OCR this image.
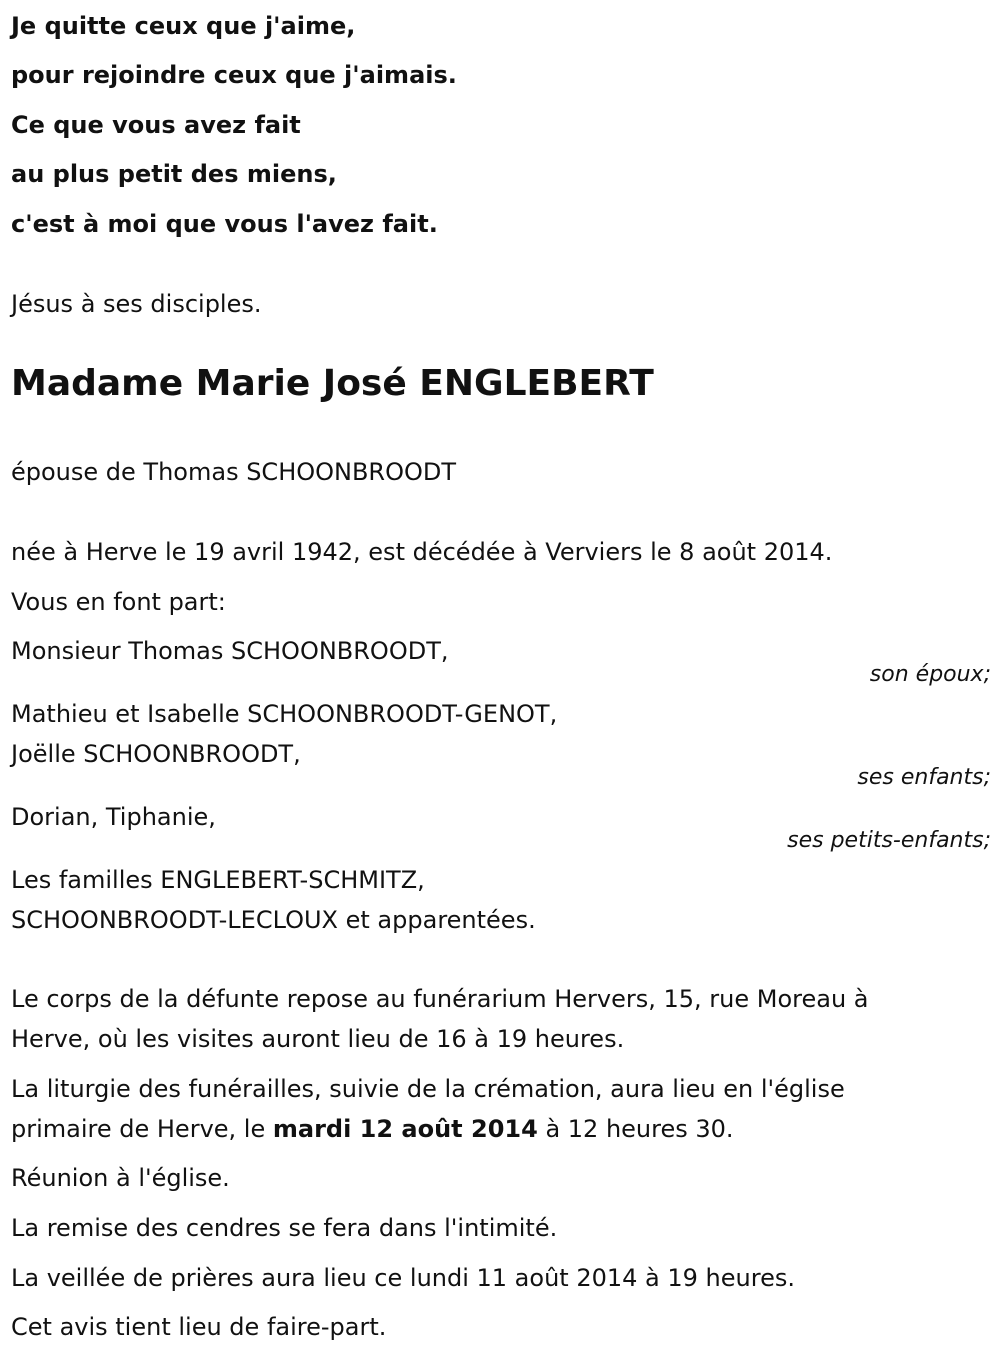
Je quitte ceux que j'aime,
pour rejoindre ceux que j'aimais.
Ce que vous avez fait
au plus petit des miens,
c'est à moi que vous l'avez fait.
Jésus à ses disciples.
Madame Marie José ENGLEBERT
épouse de Thomas SCHOONBROODT
née à Herve le 19 avril 1942, est décédée à Verviers le 8 août 2014.
Vous en font part:
Monsieur Thomas SCHOONBROODT,
son époux;
Mathieu et Isabelle SCHOONBROODT-GENOT,
Joëlle SCHOONBROODT,
ses enfants;
Dorian, Tiphanie,
ses petits-enfants;
Les familles ENGLEBERT-SCHMITZ,
SCHOONBROODT-LECLOUX et apparentées.
Le corps de la défunte repose au funérarium Hervers, 15, rue Moreau à
Herve, où les visites auront lieu de 16 à 19 heures.
La liturgie des funérailles, suivie de la crémation, aura lieu en l'église
primaire de Herve, le mardi 12 août 2014 à 12 heures 30.
Réunion à l'église.
La remise des cendres se fera dans l'intimité.
La veillée de prières aura lieu ce lundi 11 août 2014 à 19 heures.
Cet avis tient lieu de faire-part.
